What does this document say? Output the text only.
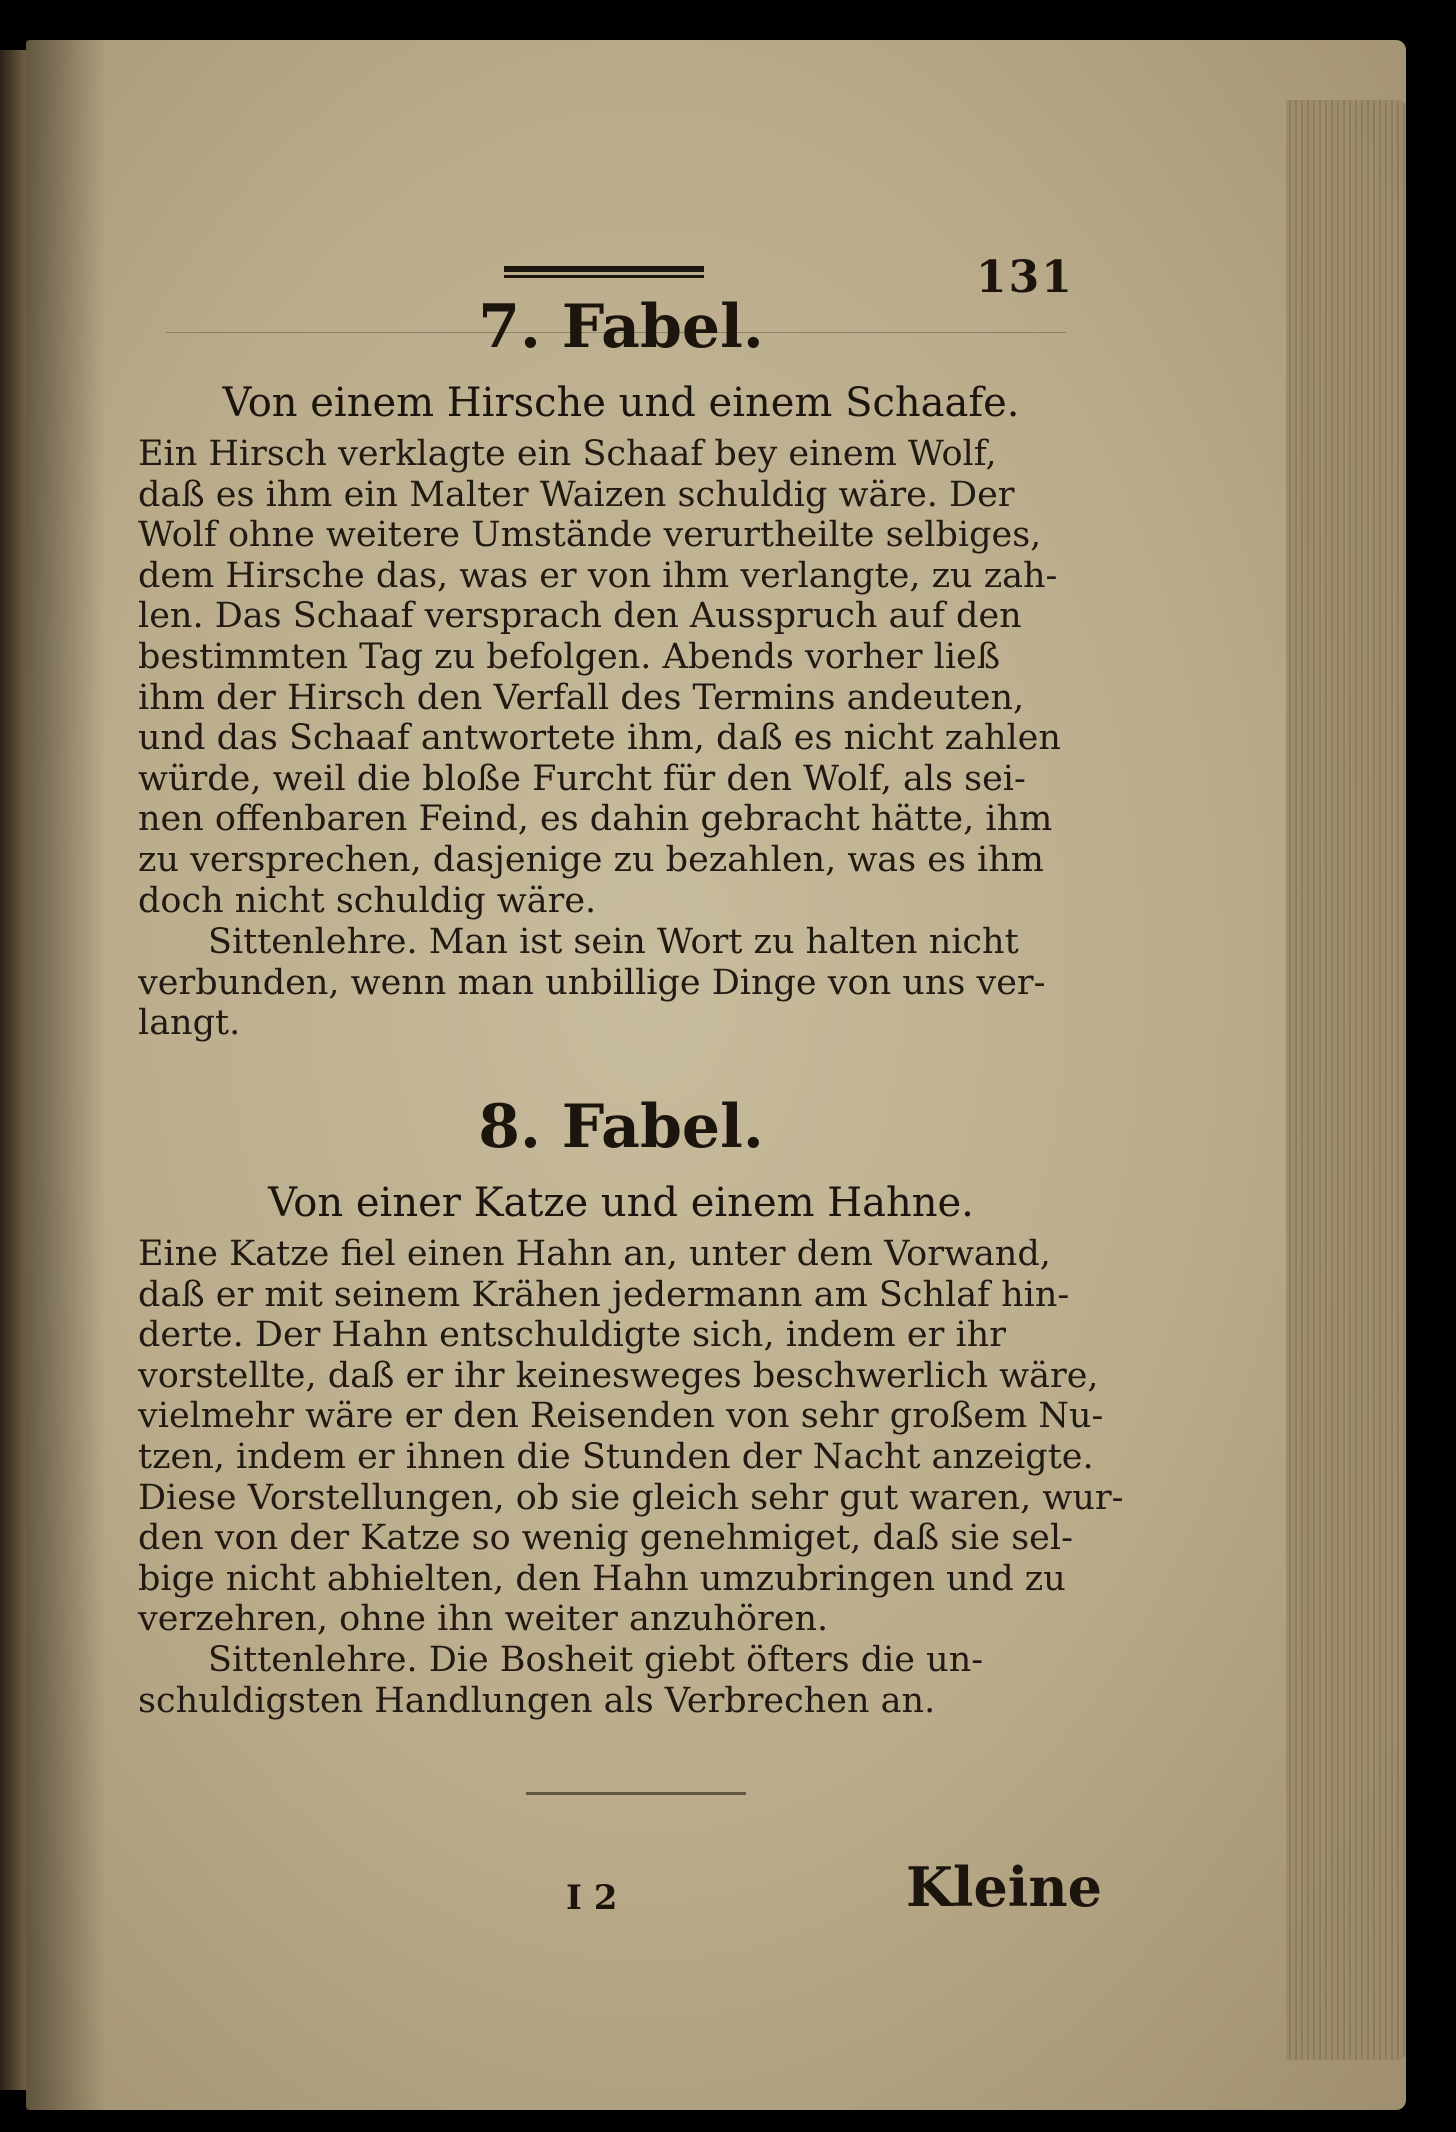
131
7. Fabel.
Von einem Hirsche und einem Schaafe.

Ein Hirsch verklagte ein Schaaf bey einem Wolf,
daß es ihm ein Malter Waizen schuldig wäre. Der
Wolf ohne weitere Umstände verurtheilte selbiges,
dem Hirsche das, was er von ihm verlangte, zu zah-
len. Das Schaaf versprach den Ausspruch auf den
bestimmten Tag zu befolgen. Abends vorher ließ
ihm der Hirsch den Verfall des Termins andeuten,
und das Schaaf antwortete ihm, daß es nicht zahlen
würde, weil die bloße Furcht für den Wolf, als sei-
nen offenbaren Feind, es dahin gebracht hätte, ihm
zu versprechen, dasjenige zu bezahlen, was es ihm
doch nicht schuldig wäre.

Sittenlehre. Man ist sein Wort zu halten nicht
verbunden, wenn man unbillige Dinge von uns ver-
langt.

8. Fabel.
Von einer Katze und einem Hahne.

Eine Katze fiel einen Hahn an, unter dem Vorwand,
daß er mit seinem Krähen jedermann am Schlaf hin-
derte. Der Hahn entschuldigte sich, indem er ihr
vorstellte, daß er ihr keinesweges beschwerlich wäre,
vielmehr wäre er den Reisenden von sehr großem Nu-
tzen, indem er ihnen die Stunden der Nacht anzeigte.
Diese Vorstellungen, ob sie gleich sehr gut waren, wur-
den von der Katze so wenig genehmiget, daß sie sel-
bige nicht abhielten, den Hahn umzubringen und zu
verzehren, ohne ihn weiter anzuhören.

Sittenlehre. Die Bosheit giebt öfters die un-
schuldigsten Handlungen als Verbrechen an.

I 2	Kleine
